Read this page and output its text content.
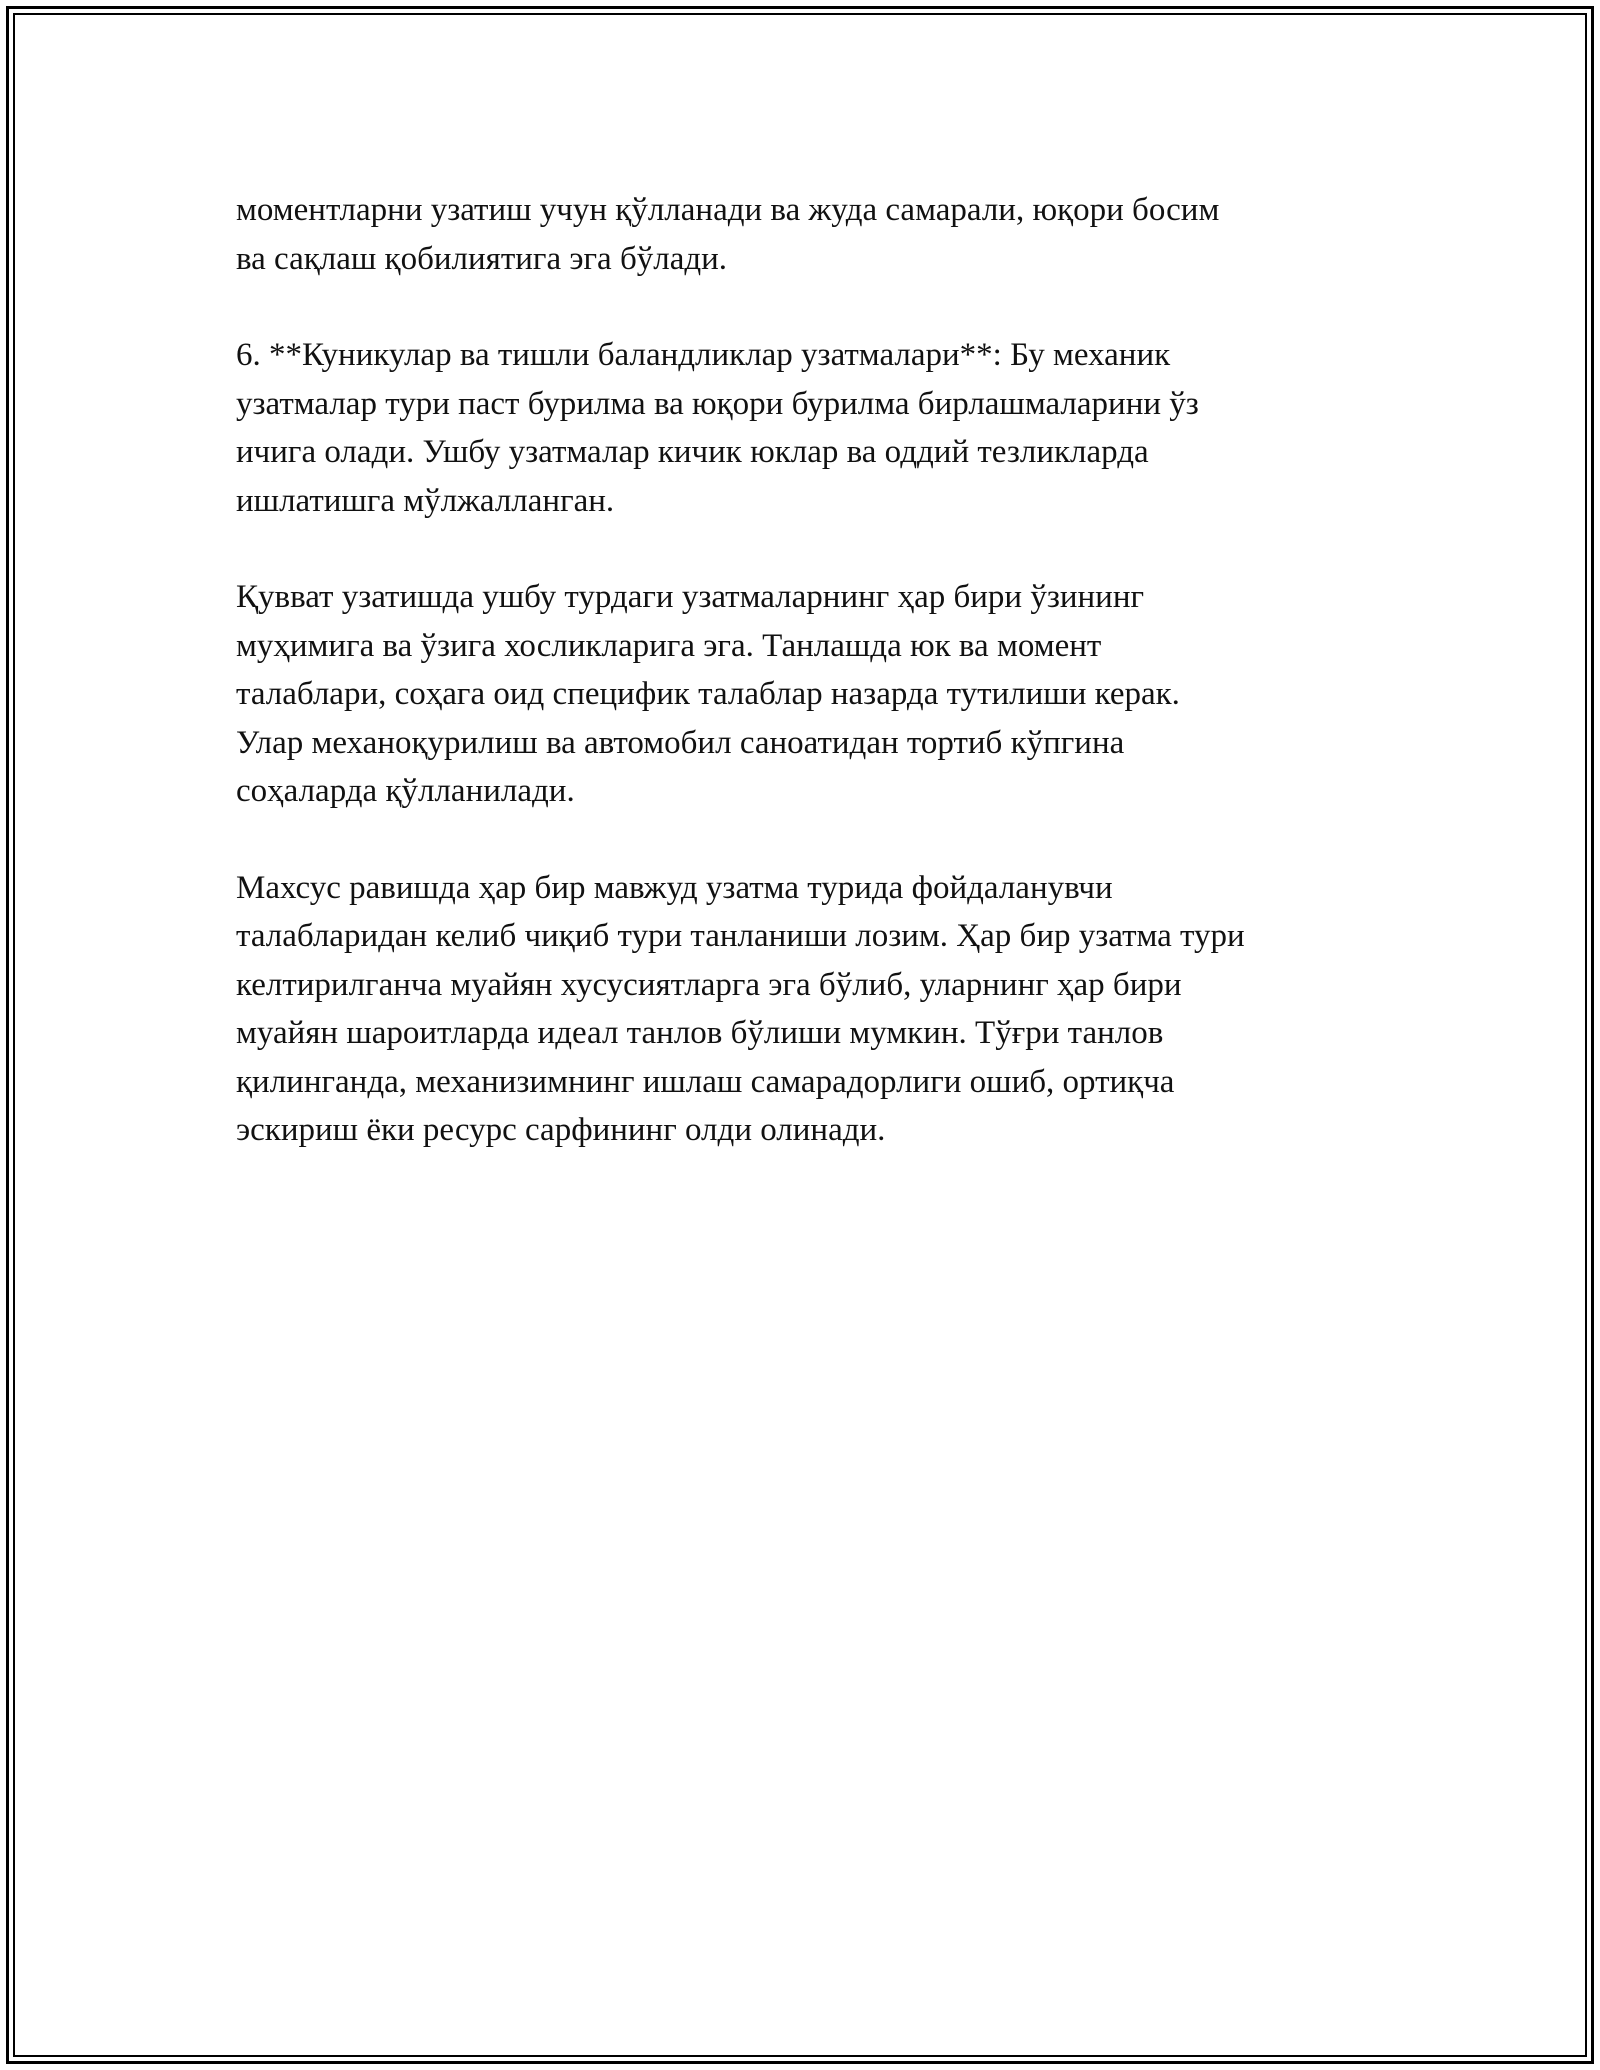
моментларни узатиш учун қўлланади ва жуда самарали, юқори босим
ва сақлаш қобилиятига эга бўлади.

6. **Куникулар ва тишли баландликлар узатмалари**: Бу механик
узатмалар тури паст бурилма ва юқори бурилма бирлашмаларини ўз
ичига олади. Ушбу узатмалар кичик юклар ва оддий тезликларда
ишлатишга мўлжалланган.

Қувват узатишда ушбу турдаги узатмаларнинг ҳар бири ўзининг
муҳимига ва ўзига хосликларига эга. Танлашда юк ва момент
талаблари, соҳага оид специфик талаблар назарда тутилиши керак.
Улар механоқурилиш ва автомобил саноатидан тортиб кўпгина
соҳаларда қўлланилади.

Махсус равишда ҳар бир мавжуд узатма турида фойдаланувчи
талабларидан келиб чиқиб тури танланиши лозим. Ҳар бир узатма тури
келтирилганча муайян хусусиятларга эга бўлиб, уларнинг ҳар бири
муайян шароитларда идеал танлов бўлиши мумкин. Тўғри танлов
қилинганда, механизимнинг ишлаш самарадорлиги ошиб, ортиқча
эскириш ёки ресурс сарфининг олди олинади.
